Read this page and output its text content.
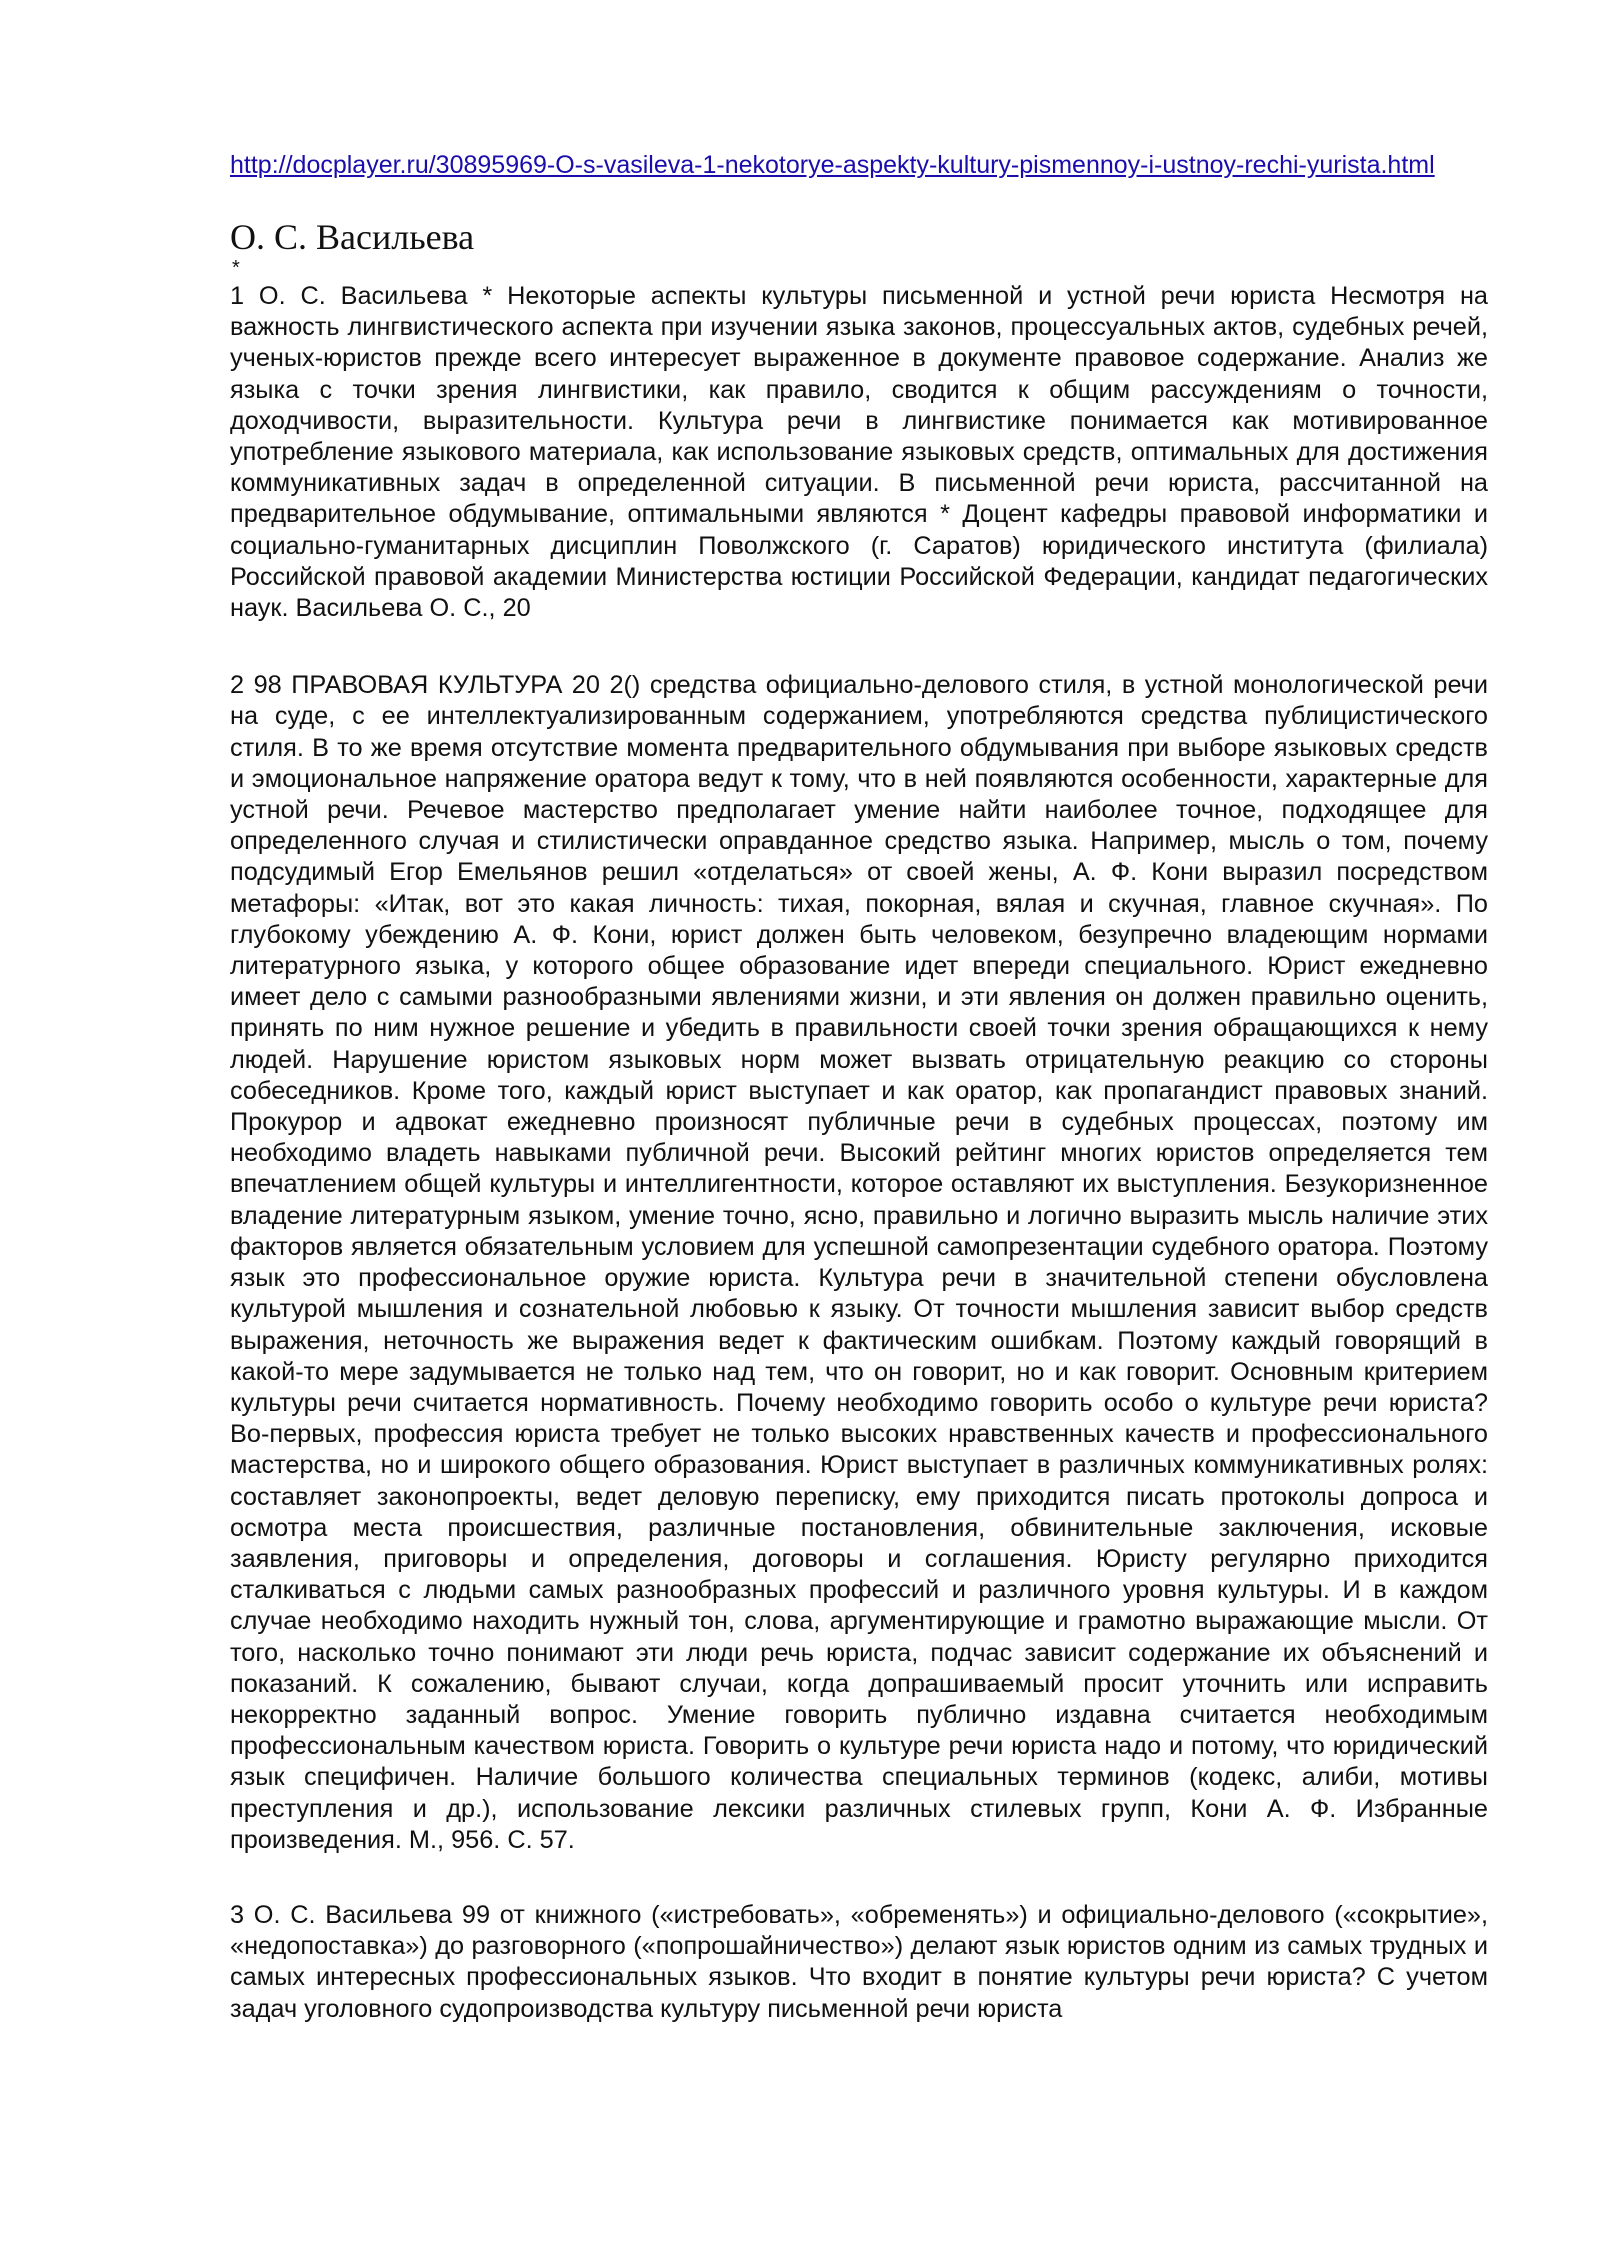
http://docplayer.ru/30895969-O-s-vasileva-1-nekotorye-aspekty-kultury-pismennoy-i-ustnoy-rechi-yurista.html
О. С. Васильева
*

1 О. С. Васильева * Некоторые аспекты культуры письменной и устной речи юриста Несмотря на важность лингвистического аспекта при изучении языка законов, процессуальных актов, судебных речей, ученых-юристов прежде всего интересует выраженное в документе правовое содержание. Анализ же языка с точки зрения лингвистики, как правило, сводится к общим рассуждениям о точности, доходчивости, выразительности. Культура речи в лингвистике понимается как мотивированное употребление языкового материала, как использование языковых средств, оптимальных для достижения коммуникативных задач в определенной ситуации. В письменной речи юриста, рассчитанной на предварительное обдумывание, оптимальными являются * Доцент кафедры правовой информатики и социально-гуманитарных дисциплин Поволжского (г. Саратов) юридического института (филиала) Российской правовой академии Министерства юстиции Российской Федерации, кандидат педагогических наук. Васильева О. С., 20

2 98 ПРАВОВАЯ КУЛЬТУРА 20 2() средства официально-делового стиля, в устной монологической речи на суде, с ее интеллектуализированным содержанием, употребляются средства публицистического стиля. В то же время отсутствие момента предварительного обдумывания при выборе языковых средств и эмоциональное напряжение оратора ведут к тому, что в ней появляются особенности, характерные для устной речи. Речевое мастерство предполагает умение найти наиболее точное, подходящее для определенного случая и стилистически оправданное средство языка. Например, мысль о том, почему подсудимый Егор Емельянов решил «отделаться» от своей жены, А. Ф. Кони выразил посредством метафоры: «Итак, вот это какая личность: тихая, покорная, вялая и скучная, главное скучная». По глубокому убеждению А. Ф. Кони, юрист должен быть человеком, безупречно владеющим нормами литературного языка, у которого общее образование идет впереди специального. Юрист ежедневно имеет дело с самыми разнообразными явлениями жизни, и эти явления он должен правильно оценить, принять по ним нужное решение и убедить в правильности своей точки зрения обращающихся к нему людей. Нарушение юристом языковых норм может вызвать отрицательную реакцию со стороны собеседников. Кроме того, каждый юрист выступает и как оратор, как пропагандист правовых знаний. Прокурор и адвокат ежедневно произносят публичные речи в судебных процессах, поэтому им необходимо владеть навыками публичной речи. Высокий рейтинг многих юристов определяется тем впечатлением общей культуры и интеллигентности, которое оставляют их выступления. Безукоризненное владение литературным языком, умение точно, ясно, правильно и логично выразить мысль наличие этих факторов является обязательным условием для успешной самопрезентации судебного оратора. Поэтому язык это профессиональное оружие юриста. Культура речи в значительной степени обусловлена культурой мышления и сознательной любовью к языку. От точности мышления зависит выбор средств выражения, неточность же выражения ведет к фактическим ошибкам. Поэтому каждый говорящий в какой-то мере задумывается не только над тем, что он говорит, но и как говорит. Основным критерием культуры речи считается нормативность. Почему необходимо говорить особо о культуре речи юриста? Во-первых, профессия юриста требует не только высоких нравственных качеств и профессионального мастерства, но и широкого общего образования. Юрист выступает в различных коммуникативных ролях: составляет законопроекты, ведет деловую переписку, ему приходится писать протоколы допроса и осмотра места происшествия, различные постановления, обвинительные заключения, исковые заявления, приговоры и определения, договоры и соглашения. Юристу регулярно приходится сталкиваться с людьми самых разнообразных профессий и различного уровня культуры. И в каждом случае необходимо находить нужный тон, слова, аргументирующие и грамотно выражающие мысли. От того, насколько точно понимают эти люди речь юриста, подчас зависит содержание их объяснений и показаний. К сожалению, бывают случаи, когда допрашиваемый просит уточнить или исправить некорректно заданный вопрос. Умение говорить публично издавна считается необходимым профессиональным качеством юриста. Говорить о культуре речи юриста надо и потому, что юридический язык специфичен. Наличие большого количества специальных терминов (кодекс, алиби, мотивы преступления и др.), использование лексики различных стилевых групп, Кони А. Ф. Избранные произведения. М., 956. С. 57.

3 О. С. Васильева 99 от книжного («истребовать», «обременять») и официально-делового («сокрытие», «недопоставка») до разговорного («попрошайничество») делают язык юристов одним из самых трудных и самых интересных профессиональных языков. Что входит в понятие культуры речи юриста? С учетом задач уголовного судопроизводства культуру письменной речи юриста
